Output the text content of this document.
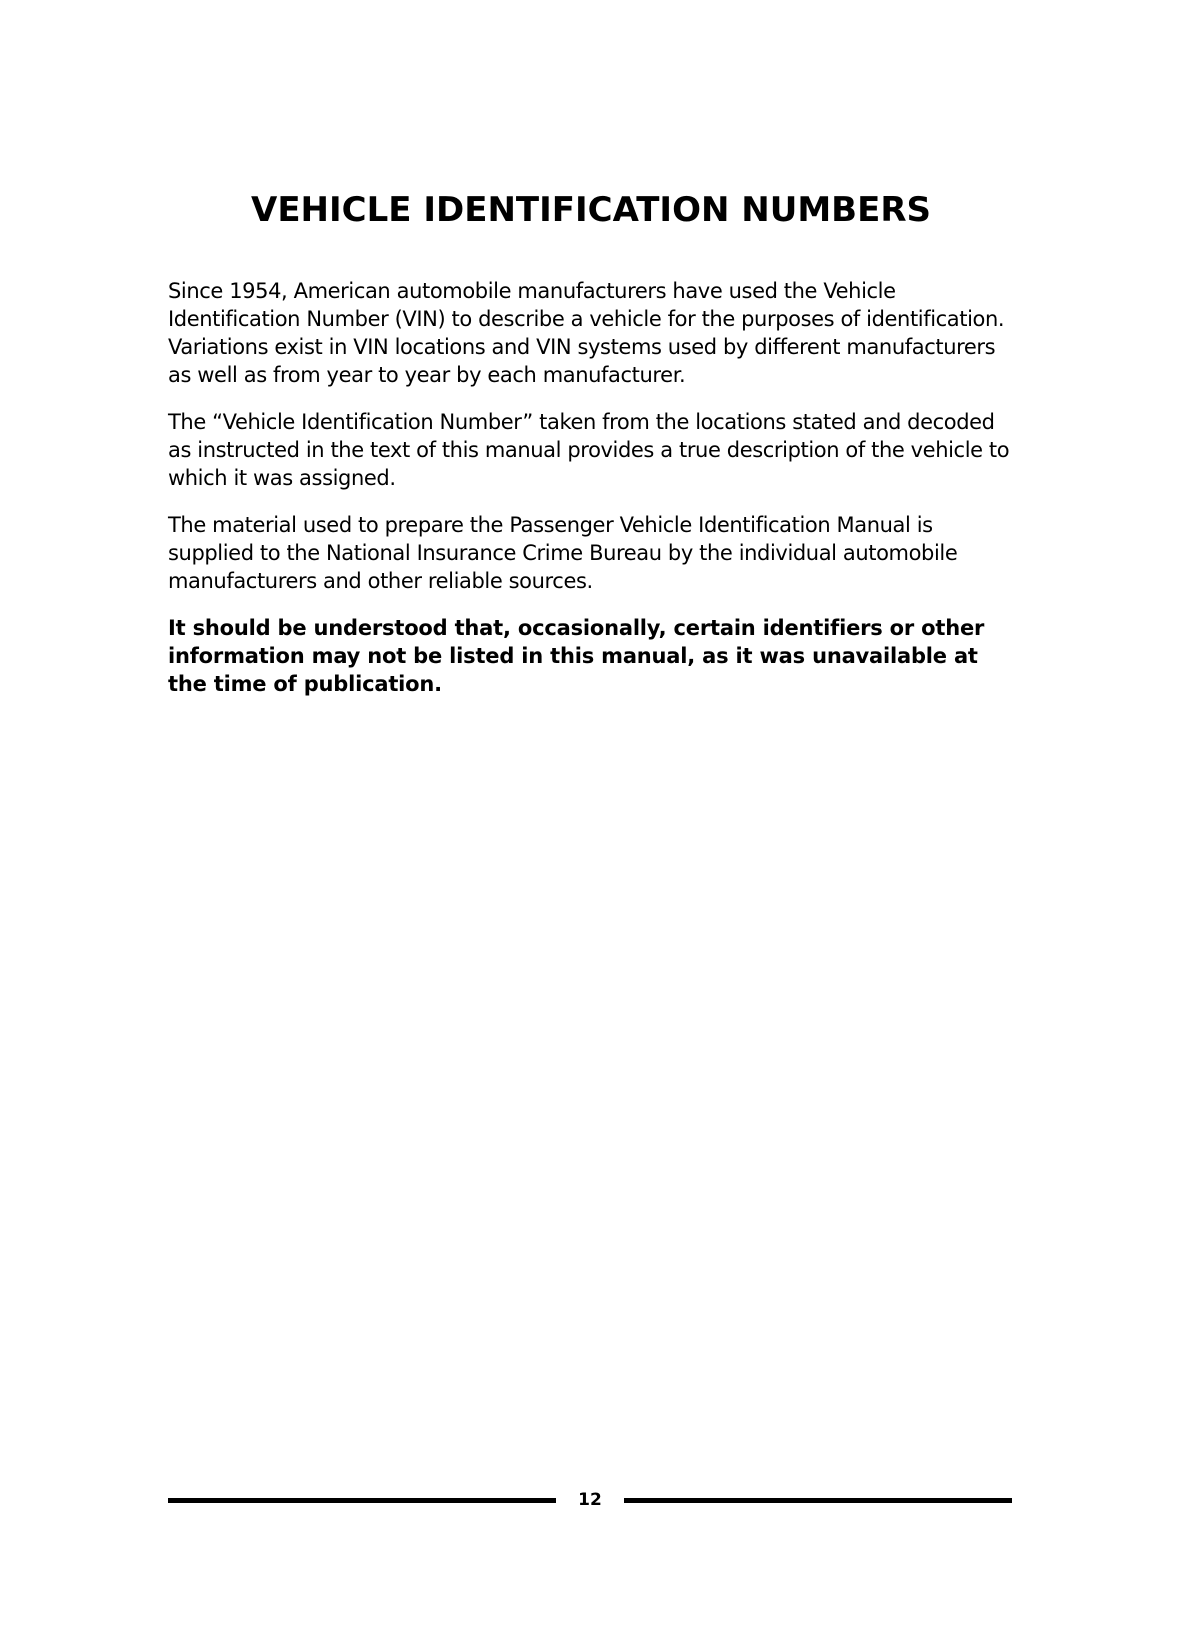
VEHICLE IDENTIFICATION NUMBERS

Since 1954, American automobile manufacturers have used the Vehicle Identification Number (VIN) to describe a vehicle for the purposes of identification. Variations exist in VIN locations and VIN systems used by different manufacturers as well as from year to year by each manufacturer.

The “Vehicle Identification Number” taken from the locations stated and decoded as instructed in the text of this manual provides a true description of the vehicle to which it was assigned.

The material used to prepare the Passenger Vehicle Identification Manual is supplied to the National Insurance Crime Bureau by the individual automobile manufacturers and other reliable sources.

It should be understood that, occasionally, certain identifiers or other information may not be listed in this manual, as it was unavailable at the time of publication.

12
